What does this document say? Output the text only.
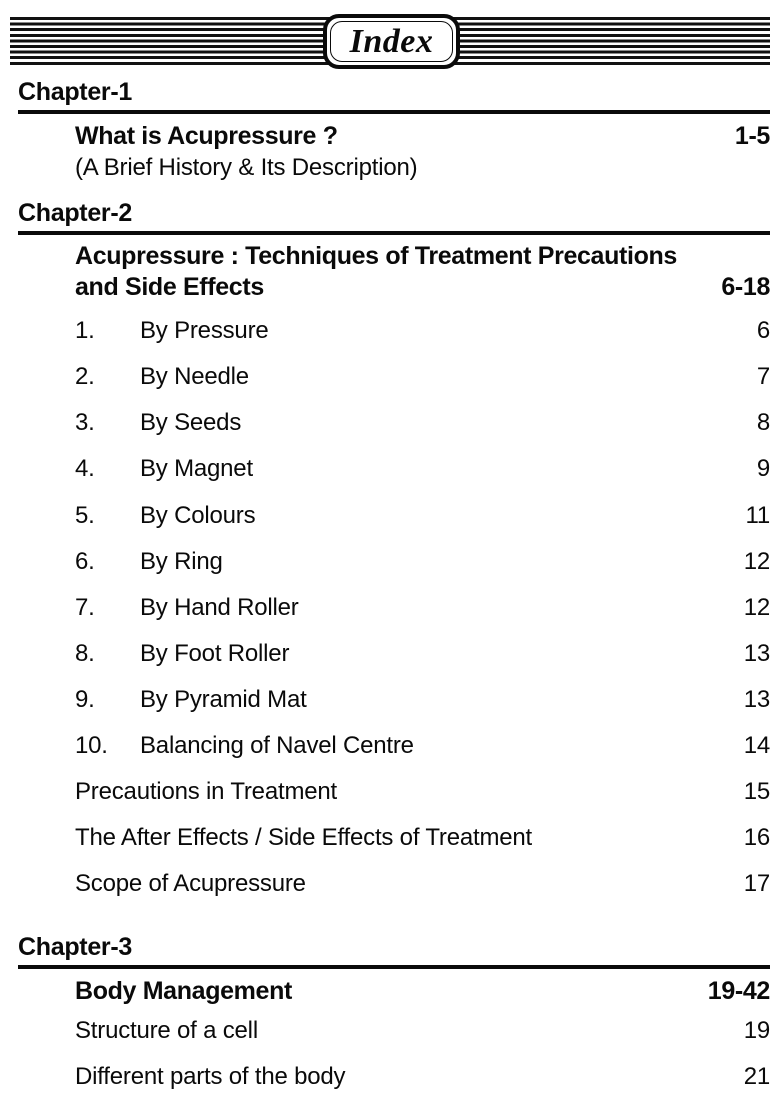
Index
Chapter-1
What is Acupressure ?	1-5
(A Brief History & Its Description)
Chapter-2
Acupressure : Techniques of Treatment Precautions
and Side Effects	6-18
1.	By Pressure	6
2.	By Needle	7
3.	By Seeds	8
4.	By Magnet	9
5.	By Colours	11
6.	By Ring	12
7.	By Hand Roller	12
8.	By Foot Roller	13
9.	By Pyramid Mat	13
10.	Balancing of Navel Centre	14
Precautions in Treatment	15
The After Effects / Side Effects of Treatment	16
Scope of Acupressure	17
Chapter-3
Body Management	19-42
Structure of a cell	19
Different parts of the body	21
